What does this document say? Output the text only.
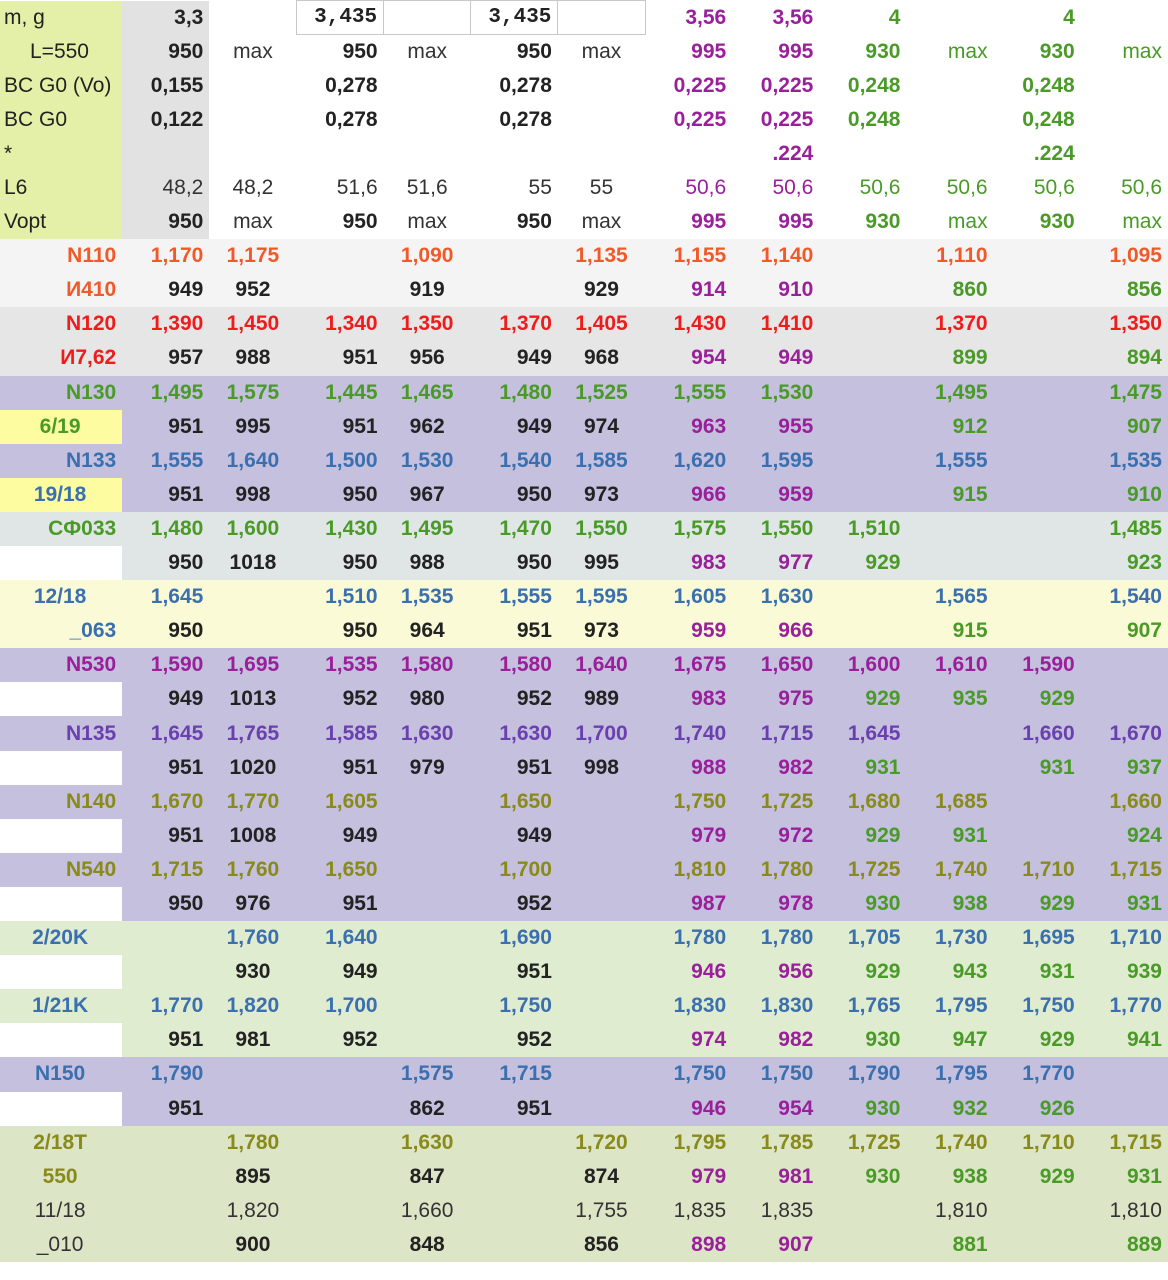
m, g	3,3		3,435		3,435		3,56	3,56	4		4	
L=550	950	max	950	max	950	max	995	995	930	max	930	max
BC G0 (Vo)	0,155		0,278		0,278		0,225	0,225	0,248		0,248	
BC G0	0,122		0,278		0,278		0,225	0,225	0,248		0,248	
*								.224			.224	
L6	48,2	48,2	51,6	51,6	55	55	50,6	50,6	50,6	50,6	50,6	50,6
Vopt	950	max	950	max	950	max	995	995	930	max	930	max
N110	1,170	1,175		1,090		1,135	1,155	1,140		1,110		1,095
И410	949	952		919		929	914	910		860		856
N120	1,390	1,450	1,340	1,350	1,370	1,405	1,430	1,410		1,370		1,350
И7,62	957	988	951	956	949	968	954	949		899		894
N130	1,495	1,575	1,445	1,465	1,480	1,525	1,555	1,530		1,495		1,475
6/19	951	995	951	962	949	974	963	955		912		907
N133	1,555	1,640	1,500	1,530	1,540	1,585	1,620	1,595		1,555		1,535
19/18	951	998	950	967	950	973	966	959		915		910
СФ033	1,480	1,600	1,430	1,495	1,470	1,550	1,575	1,550	1,510			1,485
	950	1018	950	988	950	995	983	977	929			923
12/18	1,645		1,510	1,535	1,555	1,595	1,605	1,630		1,565		1,540
_063	950		950	964	951	973	959	966		915		907
N530	1,590	1,695	1,535	1,580	1,580	1,640	1,675	1,650	1,600	1,610	1,590	
	949	1013	952	980	952	989	983	975	929	935	929	
N135	1,645	1,765	1,585	1,630	1,630	1,700	1,740	1,715	1,645		1,660	1,670
	951	1020	951	979	951	998	988	982	931		931	937
N140	1,670	1,770	1,605		1,650		1,750	1,725	1,680	1,685		1,660
	951	1008	949		949		979	972	929	931		924
N540	1,715	1,760	1,650		1,700		1,810	1,780	1,725	1,740	1,710	1,715
	950	976	951		952		987	978	930	938	929	931
2/20K		1,760	1,640		1,690		1,780	1,780	1,705	1,730	1,695	1,710
		930	949		951		946	956	929	943	931	939
1/21K	1,770	1,820	1,700		1,750		1,830	1,830	1,765	1,795	1,750	1,770
	951	981	952		952		974	982	930	947	929	941
N150	1,790			1,575	1,715		1,750	1,750	1,790	1,795	1,770	
	951			862	951		946	954	930	932	926	
2/18T		1,780		1,630		1,720	1,795	1,785	1,725	1,740	1,710	1,715
550		895		847		874	979	981	930	938	929	931
11/18		1,820		1,660		1,755	1,835	1,835		1,810		1,810
_010		900		848		856	898	907		881		889
